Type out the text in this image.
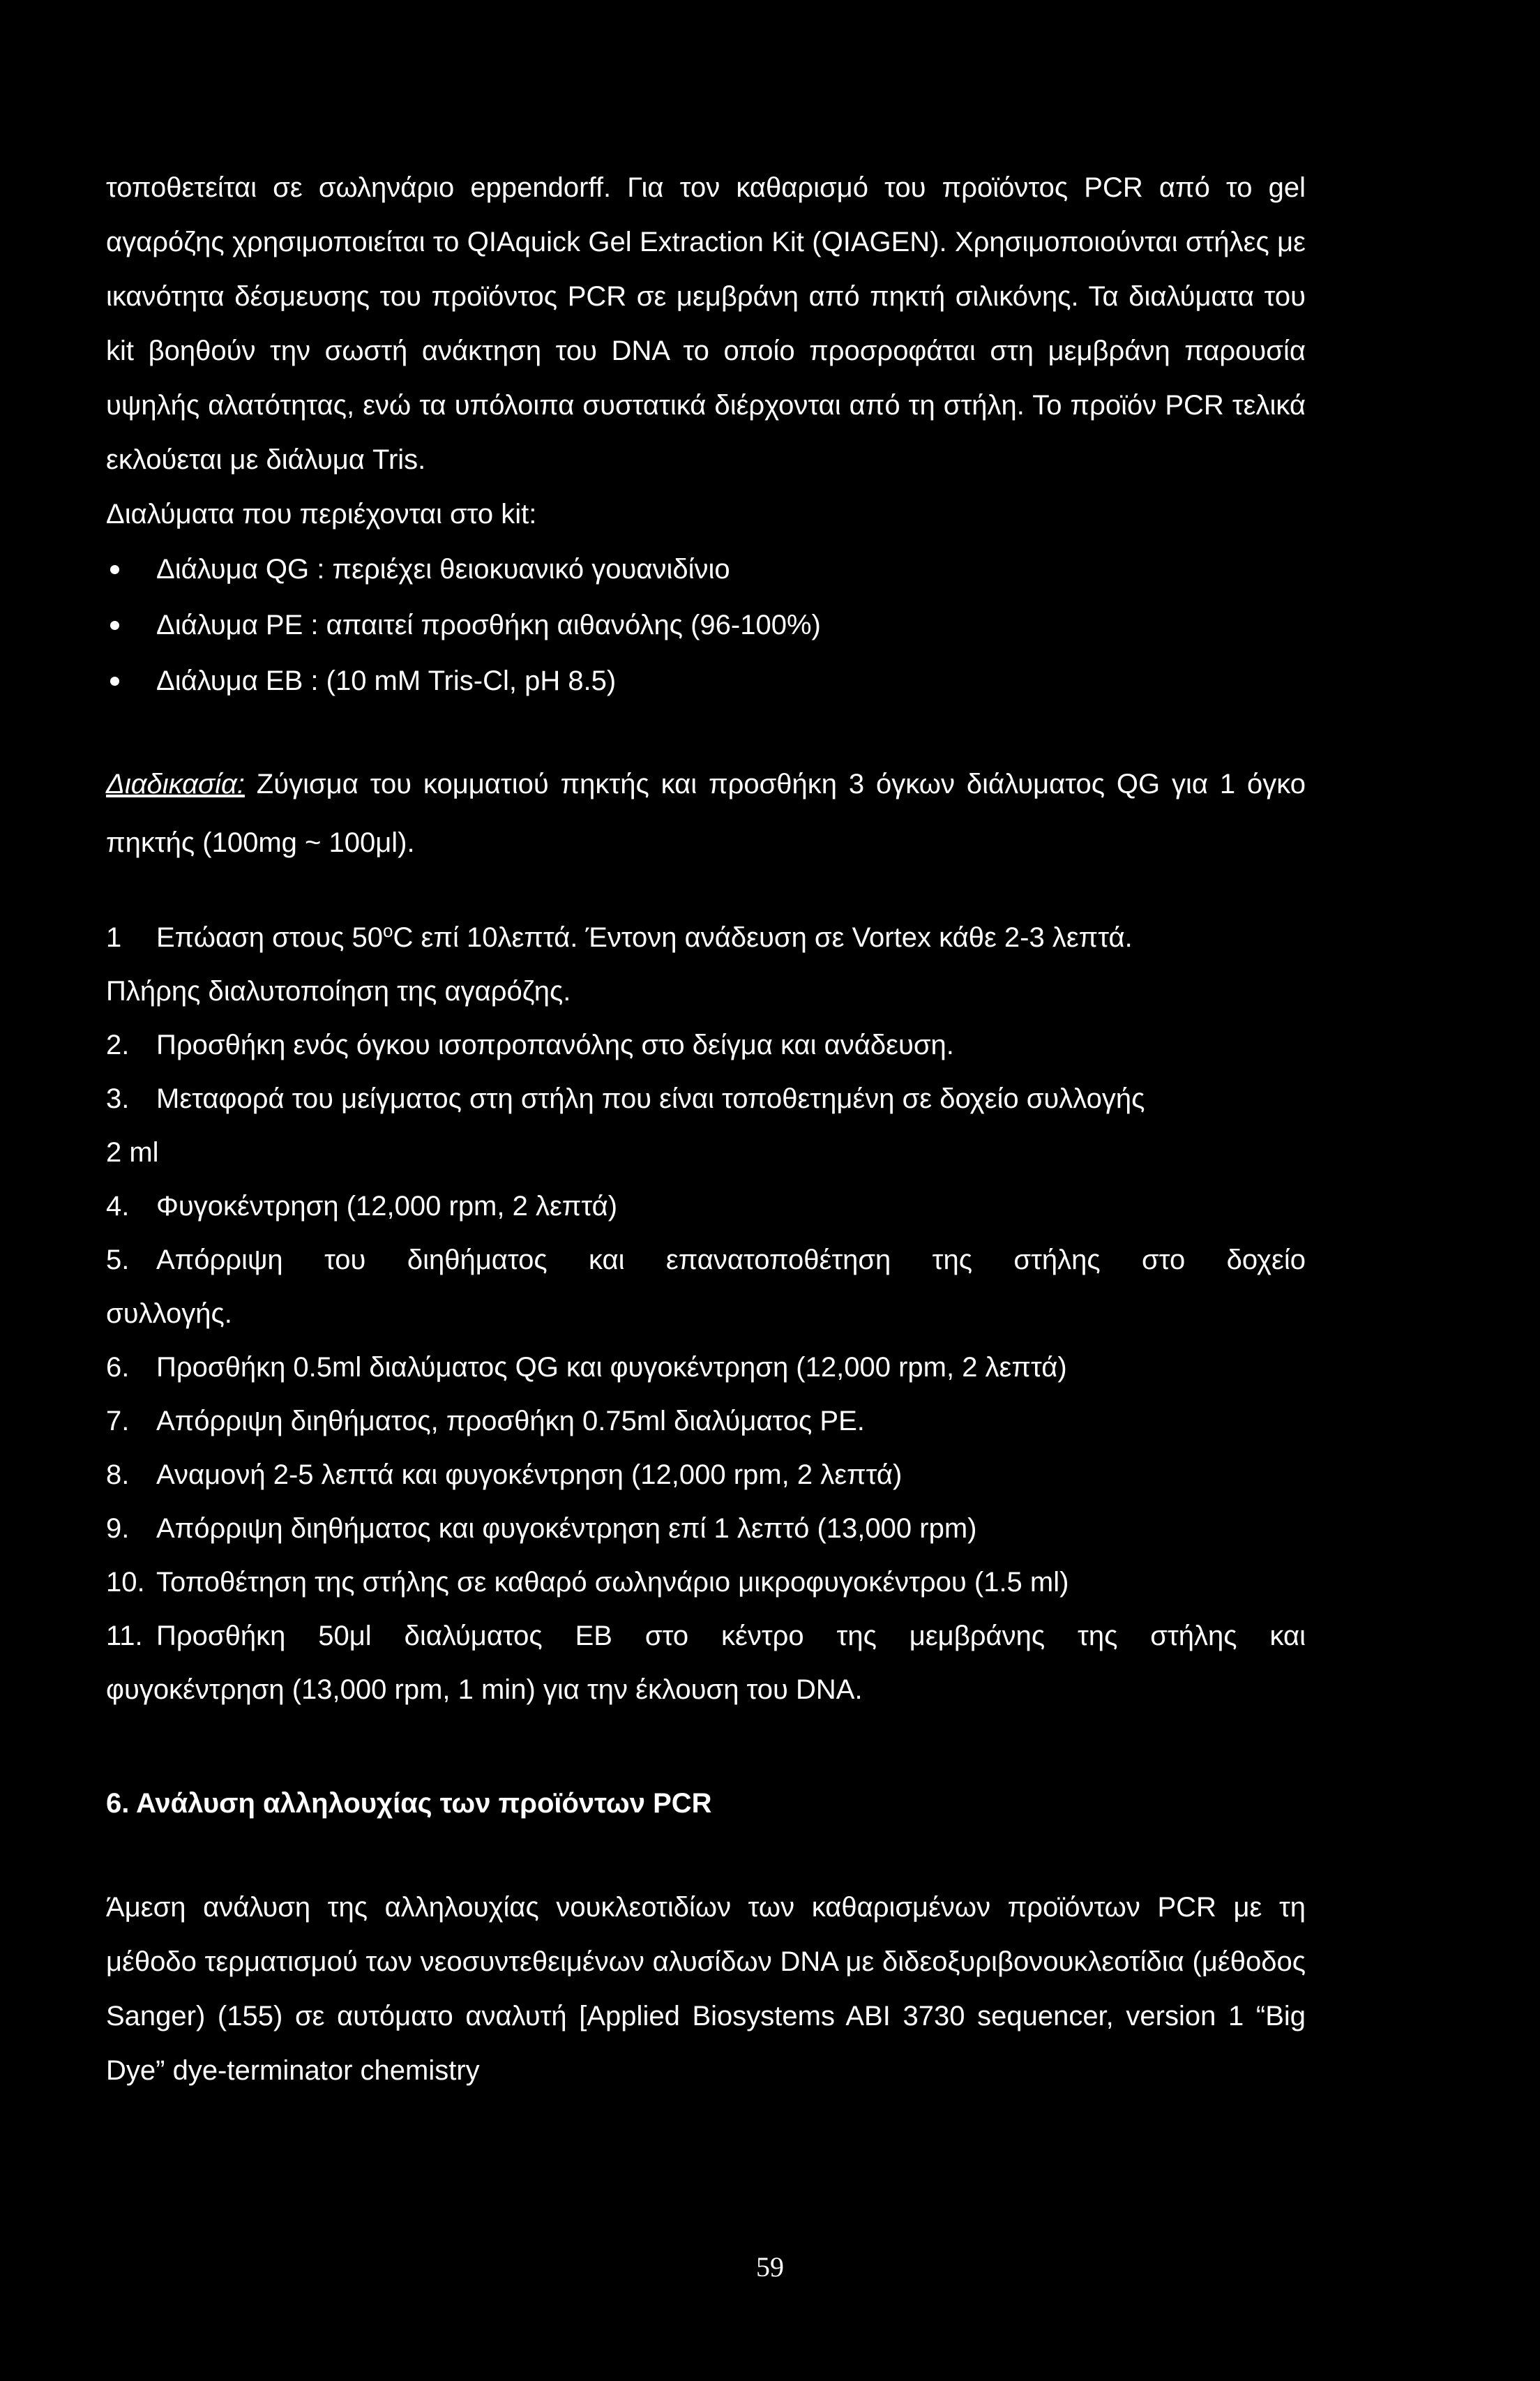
τοποθετείται σε σωληνάριο eppendorff. Για τον καθαρισμό του προϊόντος PCR από το gel αγαρόζης χρησιμοποιείται το QIAquick Gel Extraction Kit (QIAGEN). Χρησιμοποιούνται στήλες με ικανότητα δέσμευσης του προϊόντος PCR σε μεμβράνη από πηκτή σιλικόνης. Τα διαλύματα του kit βοηθούν την σωστή ανάκτηση του DNA το οποίο προσροφάται στη μεμβράνη παρουσία υψηλής αλατότητας, ενώ τα υπόλοιπα συστατικά διέρχονται από τη στήλη. Το προϊόν PCR τελικά εκλούεται με διάλυμα Tris.

Διαλύματα που περιέχονται στο kit:

Διάλυμα QG : περιέχει θειοκυανικό γουανιδίνιο
Διάλυμα PE : απαιτεί προσθήκη αιθανόλης (96-100%)
Διάλυμα EB : (10 mM Tris-Cl, pH 8.5)

Διαδικασία: Ζύγισμα του κομματιού πηκτής και προσθήκη 3 όγκων διάλυματος QG για 1 όγκο πηκτής (100mg ~ 100μl).

1 Επώαση στους 50$^o$C επί 10λεπτά. Έντονη ανάδευση σε Vortex κάθε 2-3 λεπτά.

Πλήρης διαλυτοποίηση της αγαρόζης.

2. Προσθήκη ενός όγκου ισοπροπανόλης στο δείγμα και ανάδευση.

3. Μεταφορά του μείγματος στη στήλη που είναι τοποθετημένη σε δοχείο συλλογής

2 ml

4. Φυγοκέντρηση (12,000 rpm, 2 λεπτά)

5. Απόρριψη του διηθήματος και επανατοποθέτηση της στήλης στο δοχείο

συλλογής.

6. Προσθήκη 0.5ml διαλύματος QG και φυγοκέντρηση (12,000 rpm, 2 λεπτά)

7. Απόρριψη διηθήματος, προσθήκη 0.75ml διαλύματος PE.

8. Αναμονή 2-5 λεπτά και φυγοκέντρηση (12,000 rpm, 2 λεπτά)

9. Απόρριψη διηθήματος και φυγοκέντρηση επί 1 λεπτό (13,000 rpm)

10. Τοποθέτηση της στήλης σε καθαρό σωληνάριο μικροφυγοκέντρου (1.5 ml)

11. Προσθήκη 50μl διαλύματος EB στο κέντρο της μεμβράνης της στήλης και

φυγοκέντρηση (13,000 rpm, 1 min) για την έκλουση του DNA.

6. Ανάλυση αλληλουχίας των προϊόντων PCR

Άμεση ανάλυση της αλληλουχίας νουκλεοτιδίων των καθαρισμένων προϊόντων PCR με τη μέθοδο τερματισμού των νεοσυντεθειμένων αλυσίδων DNA με διδεοξυριβονουκλεοτίδια (μέθοδος Sanger) (155) σε αυτόματο αναλυτή [Applied Biosystems ABI 3730 sequencer, version 1 “Big Dye” dye-terminator chemistry

59
